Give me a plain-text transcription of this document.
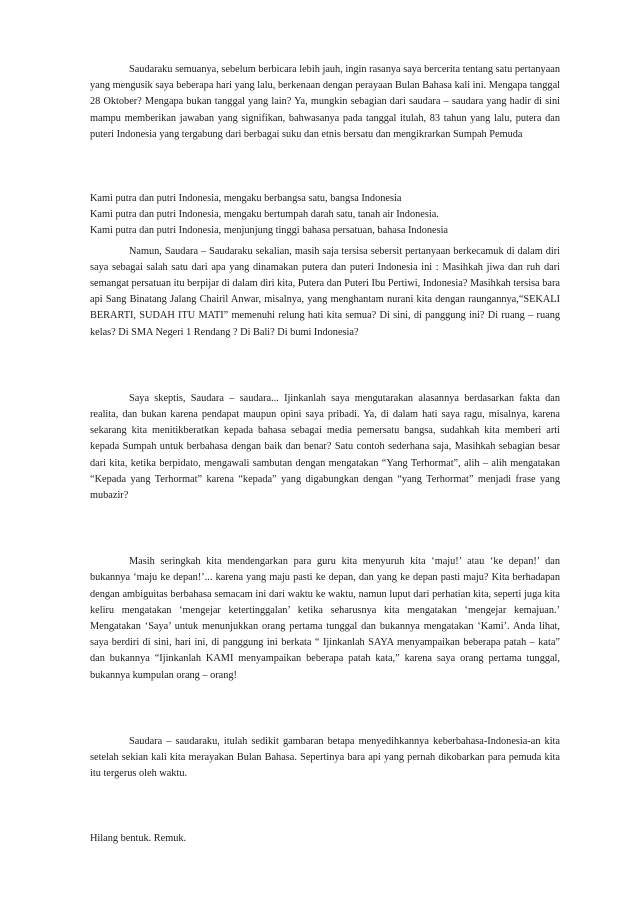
Saudaraku semuanya, sebelum berbicara lebih jauh, ingin rasanya saya bercerita tentang satu pertanyaan yang mengusik saya beberapa hari yang lalu, berkenaan dengan perayaan Bulan Bahasa kali ini. Mengapa tanggal 28 Oktober? Mengapa bukan tanggal yang lain? Ya, mungkin sebagian dari saudara – saudara yang hadir di sini mampu memberikan jawaban yang signifikan, bahwasanya pada tanggal itulah, 83 tahun yang lalu, putera dan puteri Indonesia yang tergabung dari berbagai suku dan etnis bersatu dan mengikrarkan Sumpah Pemuda

Kami putra dan putri Indonesia, mengaku berbangsa satu, bangsa Indonesia
Kami putra dan putri Indonesia, mengaku bertumpah darah satu, tanah air Indonesia.
Kami putra dan putri Indonesia, menjunjung tinggi bahasa persatuan, bahasa Indonesia

Namun, Saudara – Saudaraku sekalian, masih saja tersisa sebersit pertanyaan berkecamuk di dalam diri saya sebagai salah satu dari apa yang dinamakan putera dan puteri Indonesia ini : Masihkah jiwa dan ruh dari semangat persatuan itu berpijar di dalam diri kita, Putera dan Puteri Ibu Pertiwi, Indonesia? Masihkah tersisa bara api Sang Binatang Jalang Chairil Anwar, misalnya, yang menghantam nurani kita dengan raungannya,“SEKALI BERARTI, SUDAH ITU MATI” memenuhi relung hati kita semua? Di sini, di panggung ini? Di ruang – ruang kelas? Di SMA Negeri 1 Rendang ? Di Bali? Di bumi Indonesia?

Saya skeptis, Saudara – saudara... Ijinkanlah saya mengutarakan alasannya berdasarkan fakta dan realita, dan bukan karena pendapat maupun opini saya pribadi. Ya, di dalam hati saya ragu, misalnya, karena sekarang kita menitikberatkan kepada bahasa sebagai media pemersatu bangsa, sudahkah kita memberi arti kepada Sumpah untuk berbahasa dengan baik dan benar? Satu contoh sederhana saja, Masihkah sebagian besar dari kita, ketika berpidato, mengawali sambutan dengan mengatakan “Yang Terhormat”, alih – alih mengatakan “Kepada yang Terhormat” karena “kepada” yang digabungkan dengan “yang Terhormat” menjadi frase yang mubazir?

Masih seringkah kita mendengarkan para guru kita menyuruh kita ‘maju!’ atau ‘ke depan!’ dan bukannya ‘maju ke depan!’... karena yang maju pasti ke depan, dan yang ke depan pasti maju? Kita berhadapan dengan ambiguitas berbahasa semacam ini dari waktu ke waktu, namun luput dari perhatian kita, seperti juga kita keliru mengatakan ‘mengejar ketertinggalan’ ketika seharusnya kita mengatakan ‘mengejar kemajuan.’ Mengatakan ‘Saya’ untuk menunjukkan orang pertama tunggal dan bukannya mengatakan ‘Kami’. Anda lihat, saya berdiri di sini, hari ini, di panggung ini berkata “ Ijinkanlah SAYA menyampaikan beberapa patah – kata” dan bukannya “Ijinkanlah KAMI menyampaikan beberapa patah kata,” karena saya orang pertama tunggal, bukannya kumpulan orang – orang!

Saudara – saudaraku, itulah sedikit gambaran betapa menyedihkannya keberbahasa-Indonesia-an kita setelah sekian kali kita merayakan Bulan Bahasa. Sepertinya bara api yang pernah dikobarkan para pemuda kita itu tergerus oleh waktu.

Hilang bentuk. Remuk.
